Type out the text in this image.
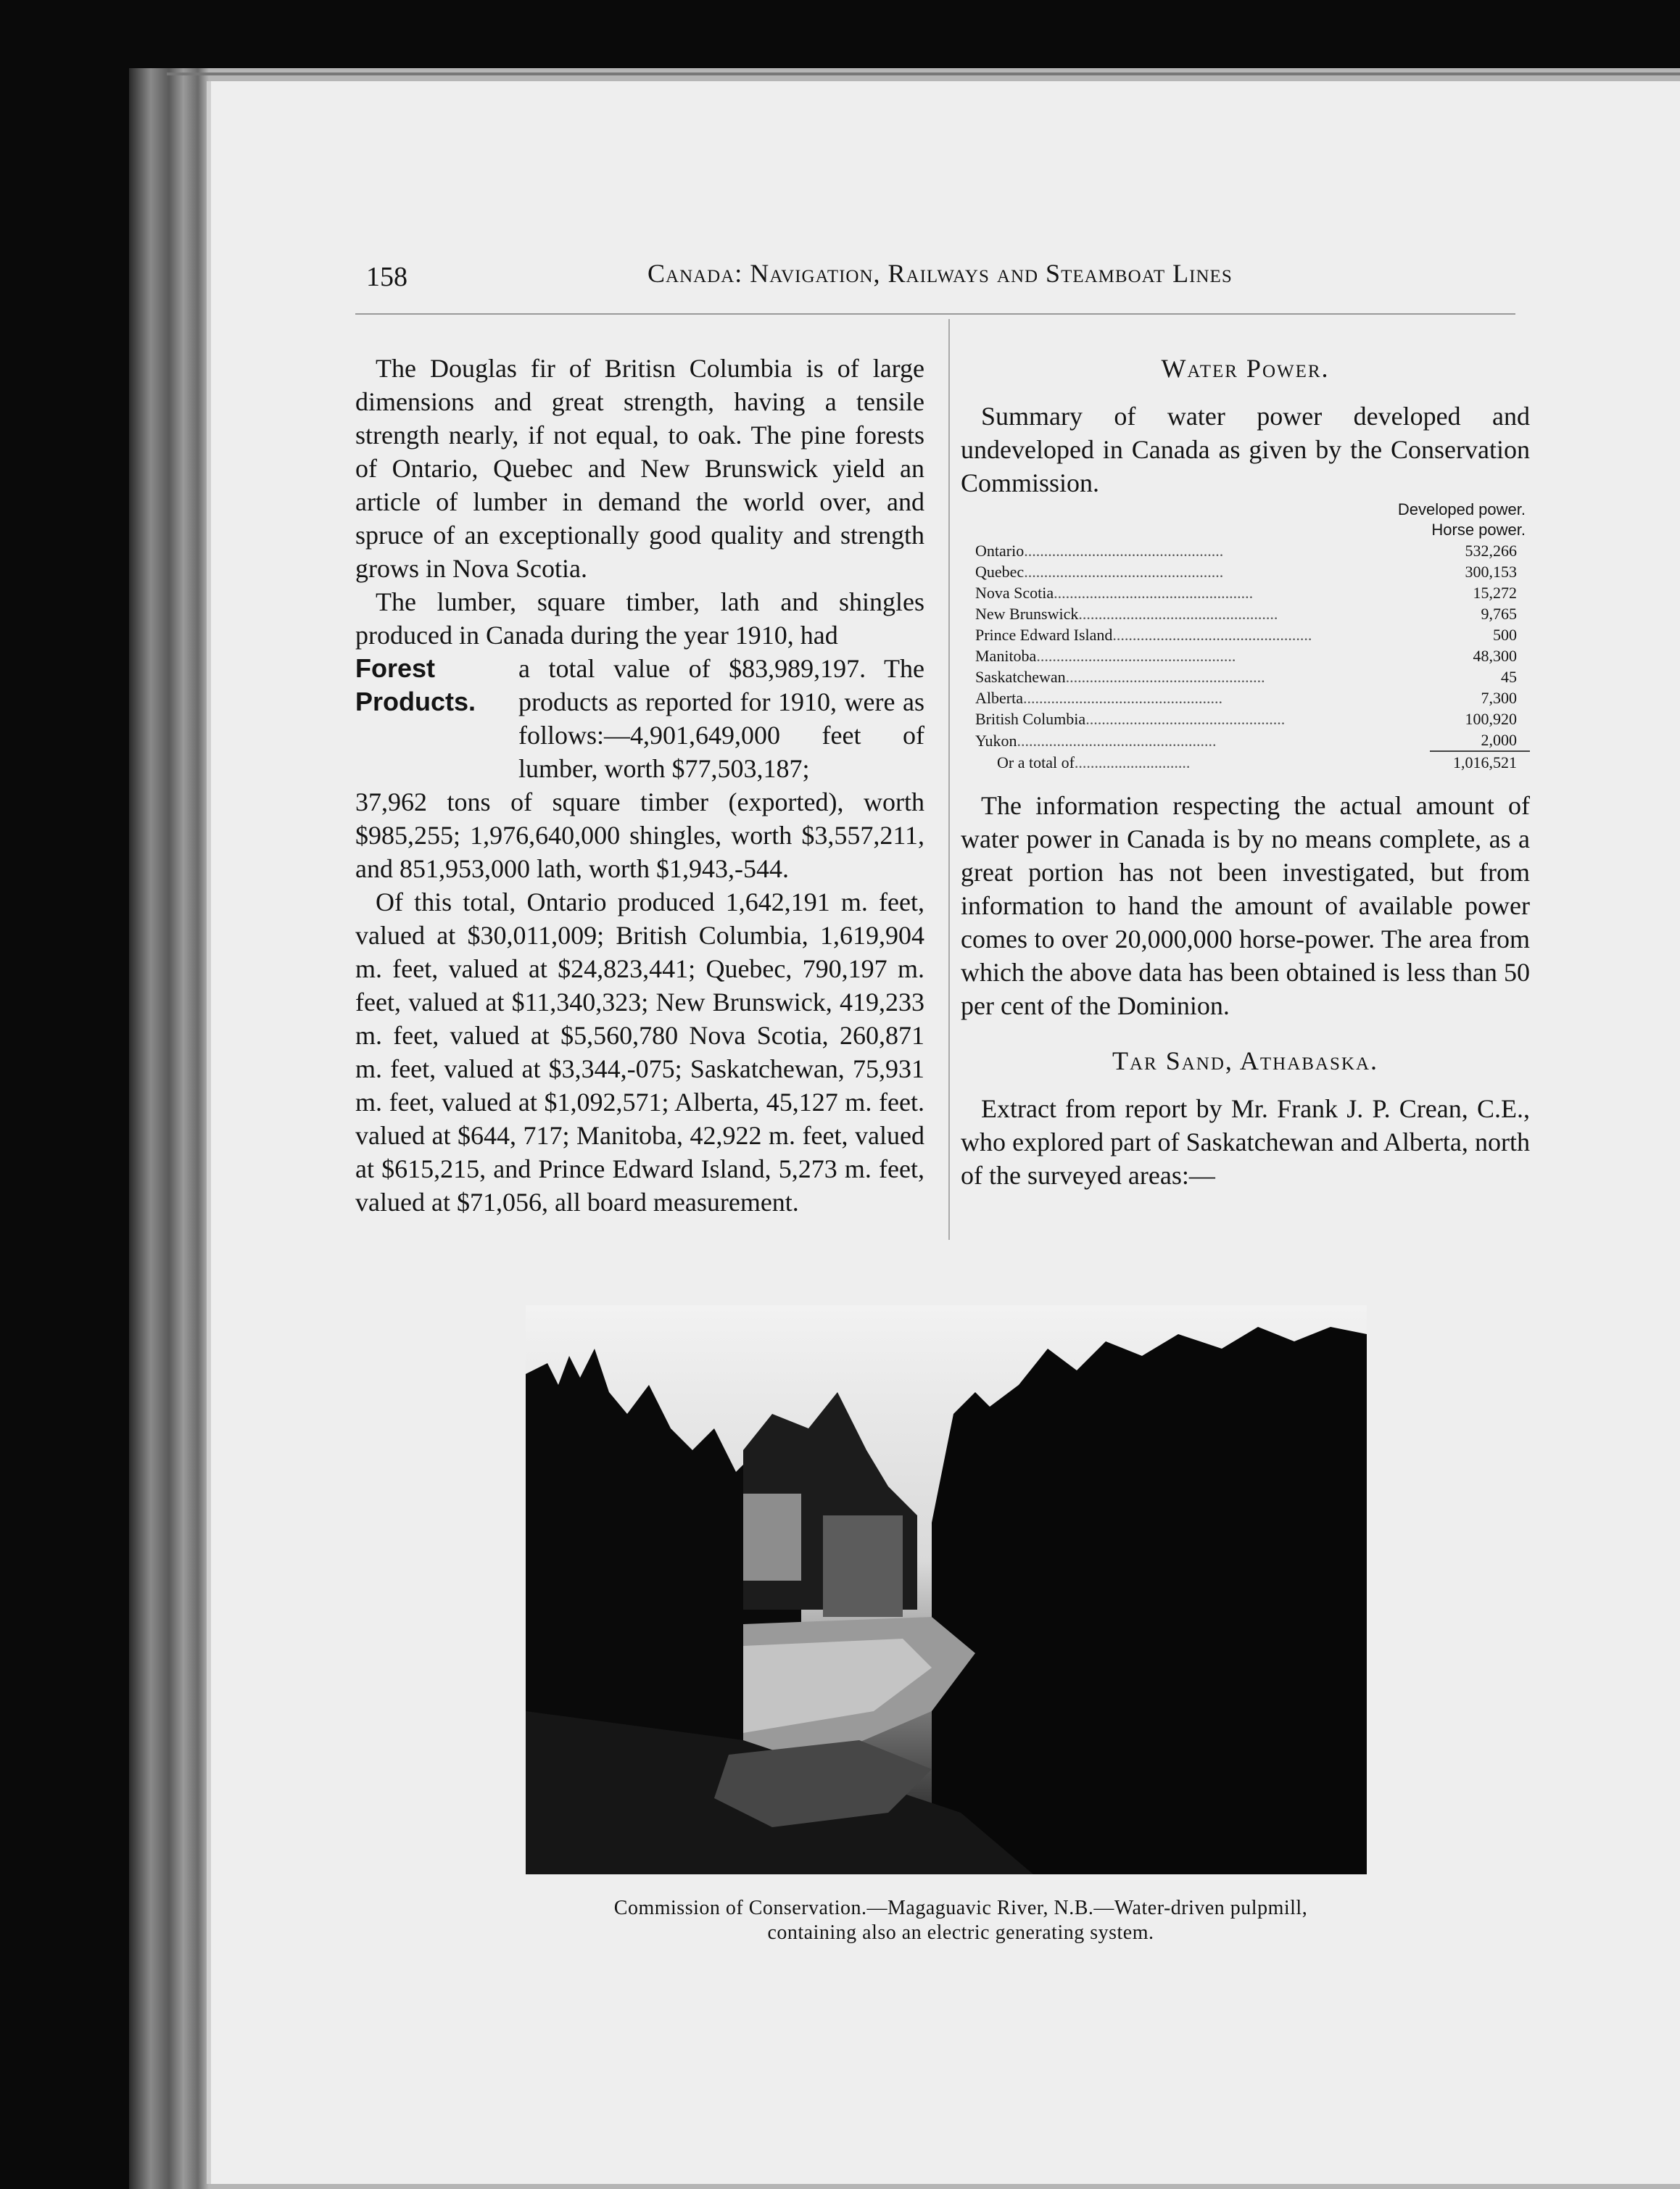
158	Canada: Navigation, Railways and Steamboat Lines

The Douglas fir of Britisn Columbia is of large dimensions and great strength, having a tensile strength nearly, if not equal, to oak. The pine forests of Ontario, Quebec and New Brunswick yield an article of lumber in demand the world over, and spruce of an exceptionally good quality and strength grows in Nova Scotia.

The lumber, square timber, lath and shingles produced in Canada during the year 1910, had

Forest
Products.

a total value of $83,989,197. The products as reported for 1910, were as follows:—4,901,649,000 feet of lumber, worth $77,503,187;

37,962 tons of square timber (exported), worth $985,255; 1,976,640,000 shingles, worth $3,557,211, and 851,953,000 lath, worth $1,943,-544.

Of this total, Ontario produced 1,642,191 m. feet, valued at $30,011,009; British Columbia, 1,619,904 m. feet, valued at $24,823,441; Quebec, 790,197 m. feet, valued at $11,340,323; New Brunswick, 419,233 m. feet, valued at $5,560,780 Nova Scotia, 260,871 m. feet, valued at $3,344,-075; Saskatchewan, 75,931 m. feet, valued at $1,092,571; Alberta, 45,127 m. feet. valued at $644, 717; Manitoba, 42,922 m. feet, valued at $615,215, and Prince Edward Island, 5,273 m. feet, valued at $71,056, all board measurement.

Water Power.

Summary of water power developed and undeveloped in Canada as given by the Conservation Commission.

Developed power.
Horse power.
Ontario..................................................	532,266
Quebec..................................................	300,153
Nova Scotia..................................................	15,272
New Brunswick..................................................	9,765
Prince Edward Island..................................................	500
Manitoba..................................................	48,300
Saskatchewan..................................................	45
Alberta..................................................	7,300
British Columbia..................................................	100,920
Yukon..................................................	2,000

Or a total of.............................	1,016,521

The information respecting the actual amount of water power in Canada is by no means complete, as a great portion has not been investigated, but from information to hand the amount of available power comes to over 20,000,000 horse-power. The area from which the above data has been obtained is less than 50 per cent of the Dominion.

Tar Sand, Athabaska.

Extract from report by Mr. Frank J. P. Crean, C.E., who explored part of Saskatchewan and Alberta, north of the surveyed areas:—

Commission of Conservation.—Magaguavic River, N.B.—Water-driven pulpmill,
containing also an electric generating system.
